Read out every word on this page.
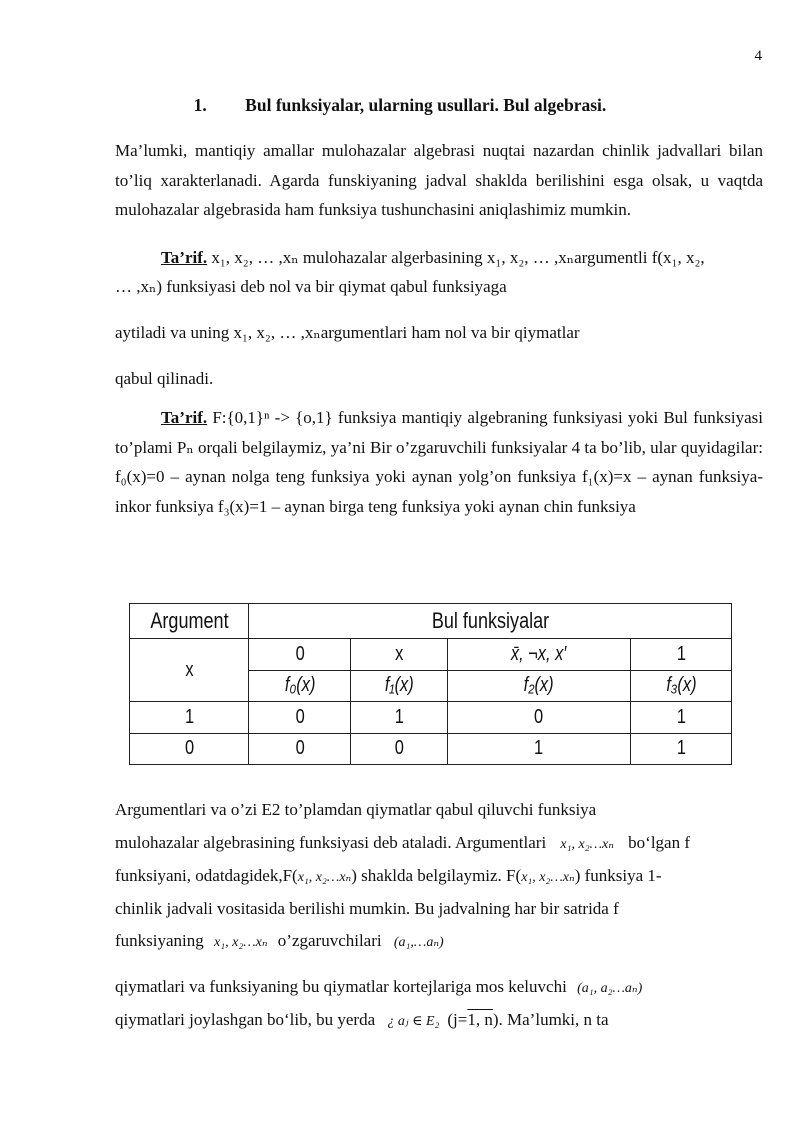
4
1. Bul funksiyalar, ularning usullari. Bul algebrasi.

Ma’lumki, mantiqiy amallar mulohazalar algebrasi nuqtai nazardan chinlik jadvallari bilan to’liq xarakterlanadi. Agarda funskiyaning jadval shaklda berilishini esga olsak, u vaqtda mulohazalar algebrasida ham funksiya tushunchasini aniqlashimiz mumkin.

Ta’rif. x₁, x₂, … ,xₙ mulohazalar algerbasining x₁, x₂, … ,xₙargumentli f(x₁, x₂,
… ,xₙ) funksiyasi deb nol va bir qiymat qabul funksiyaga
aytiladi va uning x₁, x₂, … ,xₙargumentlari ham nol va bir qiymatlar
qabul qilinadi.

Ta’rif. F:{0,1}ⁿ -> {o,1} funksiya mantiqiy algebraning funksiyasi yoki Bul funksiyasi to’plami Pₙ orqali belgilaymiz, ya’ni Bir o’zgaruvchili funksiyalar 4 ta bo’lib, ular quyidagilar: f₀(x)=0 – aynan nolga teng funksiya yoki aynan yolg’on funksiya f₁(x)=x – aynan funksiya- inkor funksiya f₃(x)=1 – aynan birga teng funksiya yoki aynan chin funksiya

Argument	Bul funksiyalar			
x	0	x	x̄, ¬x, x′	1
	f₀(x)	f₁(x)	f₂(x)	f₃(x)
1	0	1	0	1
0	0	0	1	1
Argumentlari va o’zi E2 to’plamdan qiymatlar qabul qiluvchi funksiya
mulohazalar algebrasining funksiyasi deb ataladi. Argumentlari x₁, x₂…xₙ bo‘lgan f
funksiyani, odatdagidek,F(x₁, x₂…xₙ) shaklda belgilaymiz. F(x₁, x₂…xₙ) funksiya 1-
chinlik jadvali vositasida berilishi mumkin. Bu jadvalning har bir satrida f
funksiyaning x₁, x₂…xₙ o’zgaruvchilari (a₁,…aₙ)
qiymatlari va funksiyaning bu qiymatlar kortejlariga mos keluvchi (a₁, a₂…aₙ)
qiymatlari joylashgan bo‘lib, bu yerda ¿ aⱼ ∈ E₂ (j=1, n). Ma’lumki, n ta
